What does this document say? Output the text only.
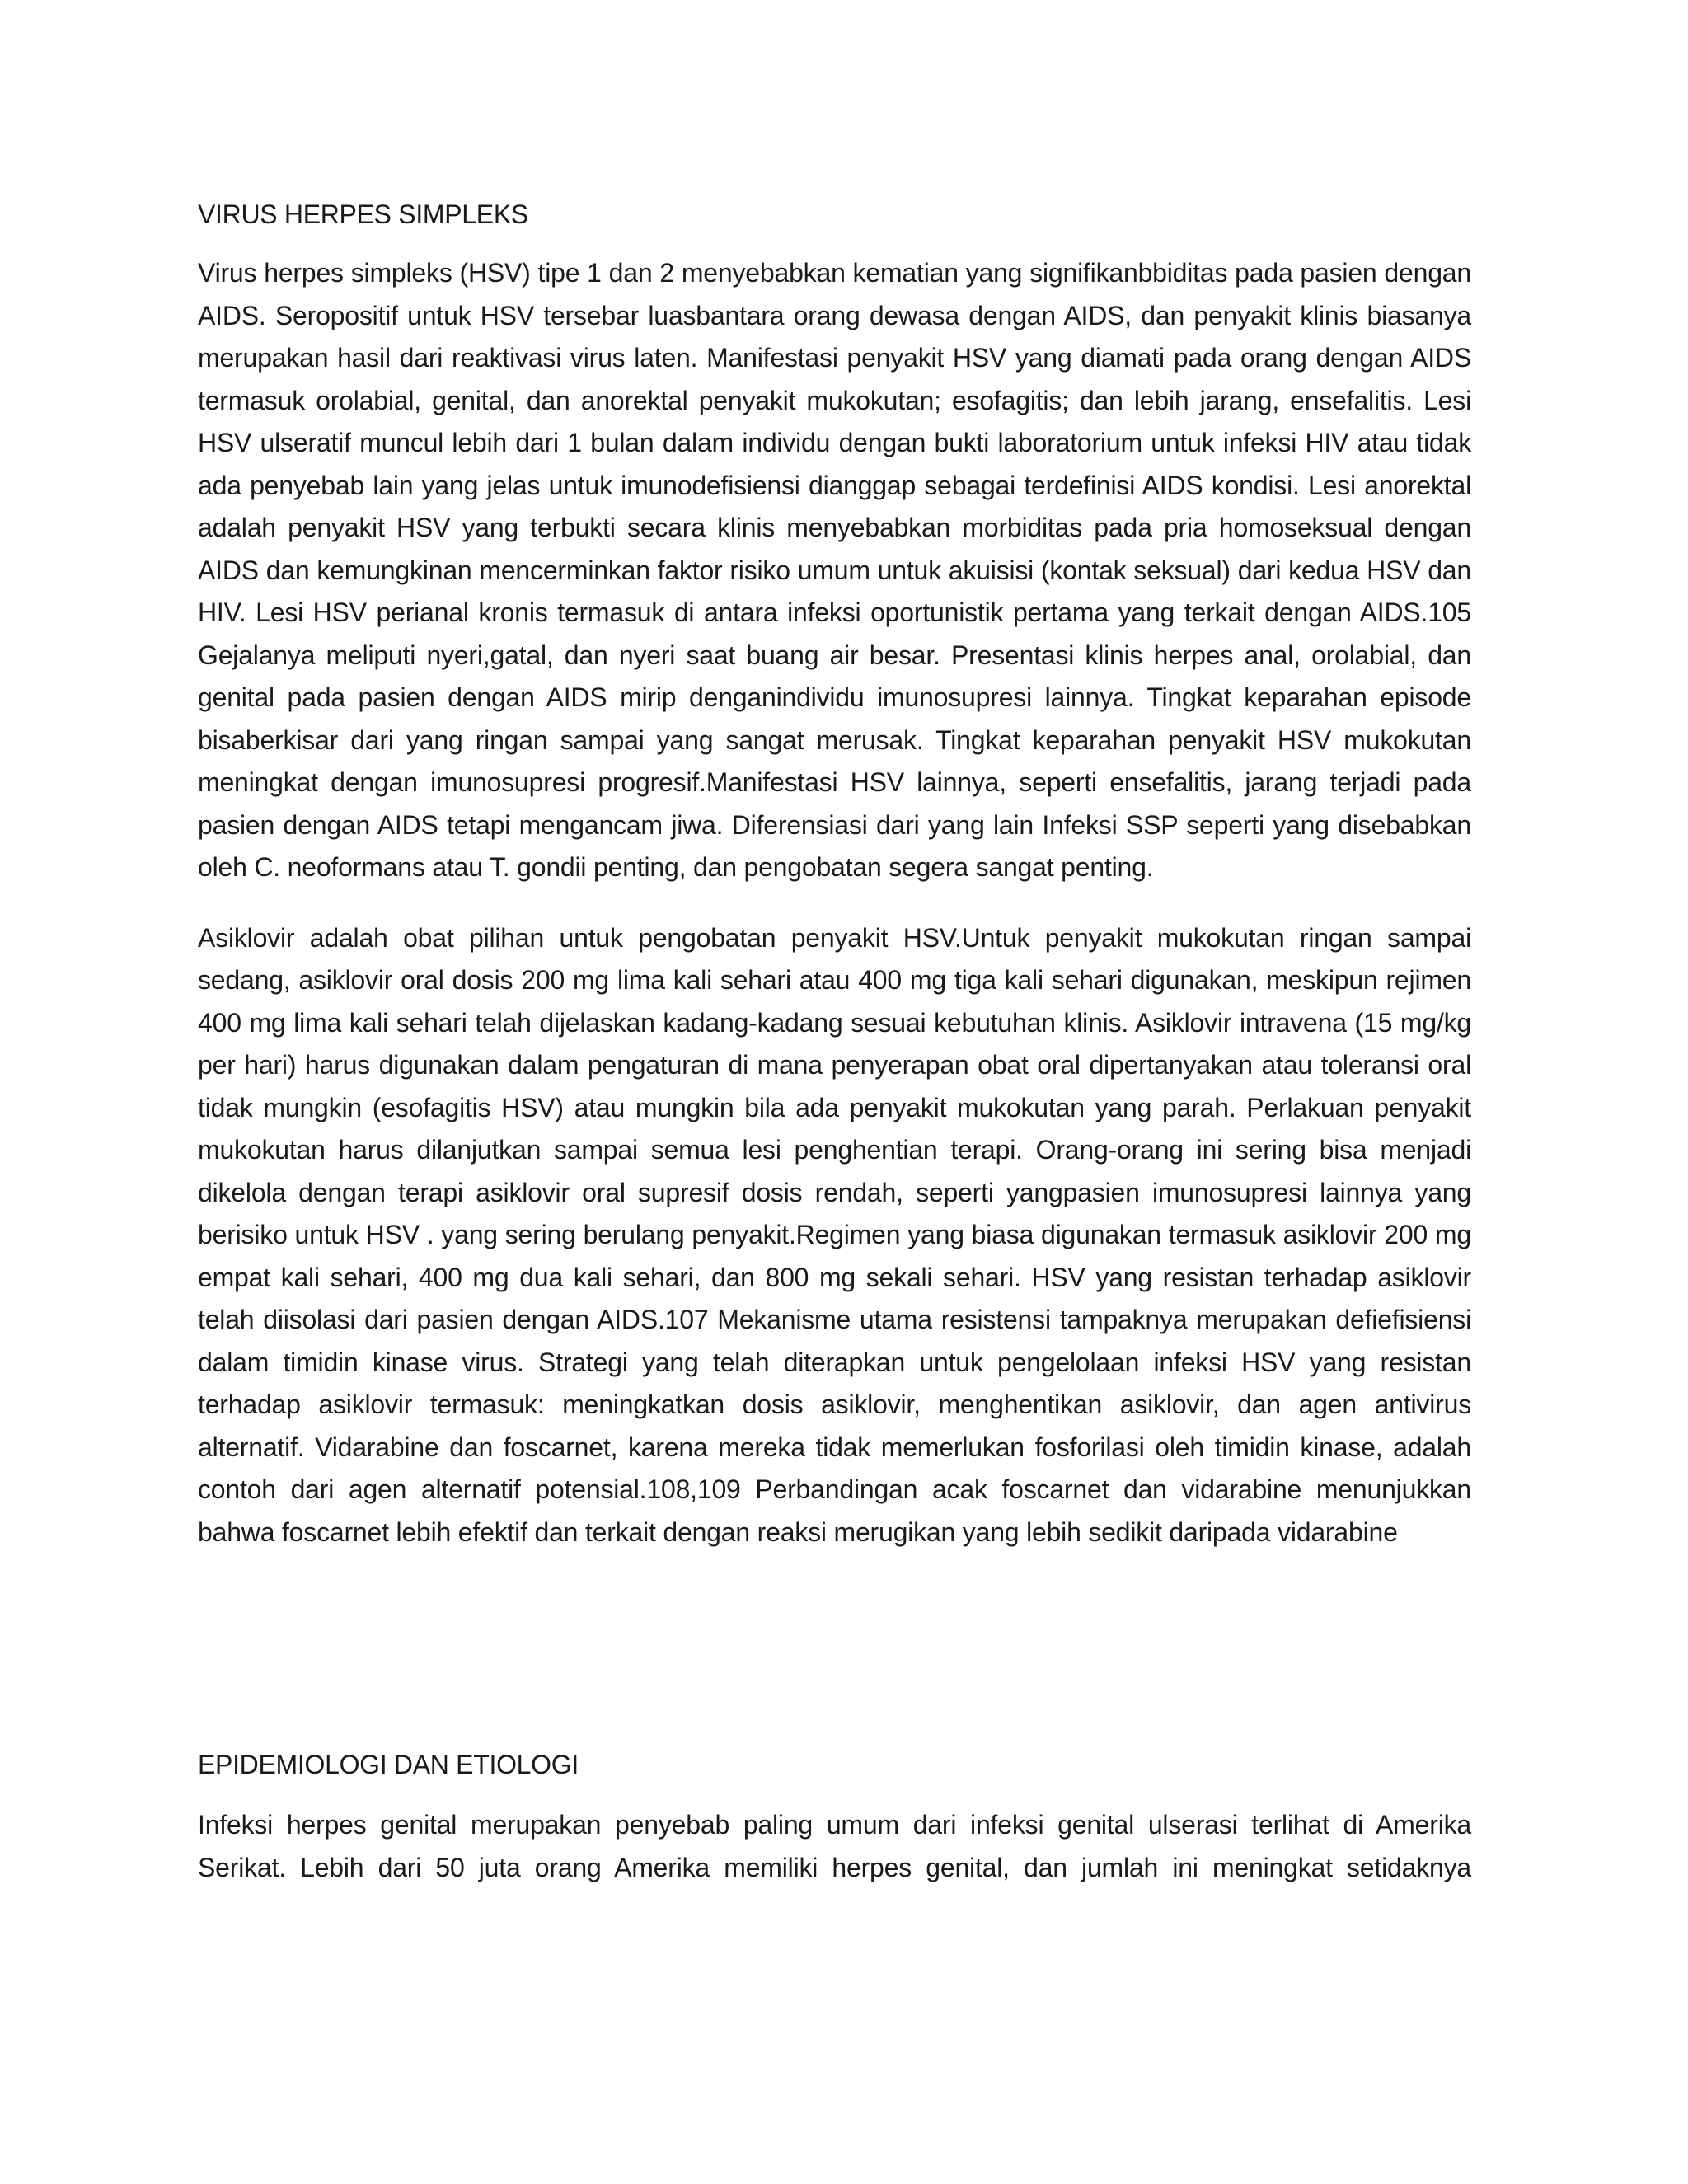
VIRUS HERPES SIMPLEKS

Virus herpes simpleks (HSV) tipe 1 dan 2 menyebabkan kematian yang signifikanbbiditas pada pasien dengan AIDS. Seropositif untuk HSV tersebar luasbantara orang dewasa dengan AIDS, dan penyakit klinis biasanya merupakan hasil dari reaktivasi virus laten. Manifestasi penyakit HSV yang diamati pada orang dengan AIDS termasuk orolabial, genital, dan anorektal penyakit mukokutan; esofagitis; dan lebih jarang, ensefalitis. Lesi HSV ulseratif muncul lebih dari 1 bulan dalam individu dengan bukti laboratorium untuk infeksi HIV atau tidak ada penyebab lain yang jelas untuk imunodefisiensi dianggap sebagai terdefinisi AIDS kondisi. Lesi anorektal adalah penyakit HSV yang terbukti secara klinis menyebabkan morbiditas pada pria homoseksual dengan AIDS dan kemungkinan mencerminkan faktor risiko umum untuk akuisisi (kontak seksual) dari kedua HSV dan HIV. Lesi HSV perianal kronis termasuk di antara infeksi oportunistik pertama yang terkait dengan AIDS.105 Gejalanya meliputi nyeri,gatal, dan nyeri saat buang air besar. Presentasi klinis herpes anal, orolabial, dan genital pada pasien dengan AIDS mirip denganindividu imunosupresi lainnya. Tingkat keparahan episode bisaberkisar dari yang ringan sampai yang sangat merusak. Tingkat keparahan penyakit HSV mukokutan meningkat dengan imunosupresi progresif.Manifestasi HSV lainnya, seperti ensefalitis, jarang terjadi pada pasien dengan AIDS tetapi mengancam jiwa. Diferensiasi dari yang lain Infeksi SSP seperti yang disebabkan oleh C. neoformans atau T. gondii penting, dan pengobatan segera sangat penting.

Asiklovir adalah obat pilihan untuk pengobatan penyakit HSV.Untuk penyakit mukokutan ringan sampai sedang, asiklovir oral dosis 200 mg lima kali sehari atau 400 mg tiga kali sehari digunakan, meskipun rejimen 400 mg lima kali sehari telah dijelaskan kadang-kadang sesuai kebutuhan klinis. Asiklovir intravena (15 mg/kg per hari) harus digunakan dalam pengaturan di mana penyerapan obat oral dipertanyakan atau toleransi oral tidak mungkin (esofagitis HSV) atau mungkin bila ada penyakit mukokutan yang parah. Perlakuan penyakit mukokutan harus dilanjutkan sampai semua lesi penghentian terapi. Orang-orang ini sering bisa menjadi dikelola dengan terapi asiklovir oral supresif dosis rendah, seperti yangpasien imunosupresi lainnya yang berisiko untuk HSV . yang sering berulang penyakit.Regimen yang biasa digunakan termasuk asiklovir 200 mg empat kali sehari, 400 mg dua kali sehari, dan 800 mg sekali sehari. HSV yang resistan terhadap asiklovir telah diisolasi dari pasien dengan AIDS.107 Mekanisme utama resistensi tampaknya merupakan defiefisiensi dalam timidin kinase virus. Strategi yang telah diterapkan untuk pengelolaan infeksi HSV yang resistan terhadap asiklovir termasuk: meningkatkan dosis asiklovir, menghentikan asiklovir, dan agen antivirus alternatif. Vidarabine dan foscarnet, karena mereka tidak memerlukan fosforilasi oleh timidin kinase, adalah contoh dari agen alternatif potensial.108,109 Perbandingan acak foscarnet dan vidarabine menunjukkan bahwa foscarnet lebih efektif dan terkait dengan reaksi merugikan yang lebih sedikit daripada vidarabine

EPIDEMIOLOGI DAN ETIOLOGI

Infeksi herpes genital merupakan penyebab paling umum dari infeksi genital ulserasi terlihat di Amerika Serikat. Lebih dari 50 juta orang Amerika memiliki herpes genital, dan jumlah ini meningkat setidaknya
